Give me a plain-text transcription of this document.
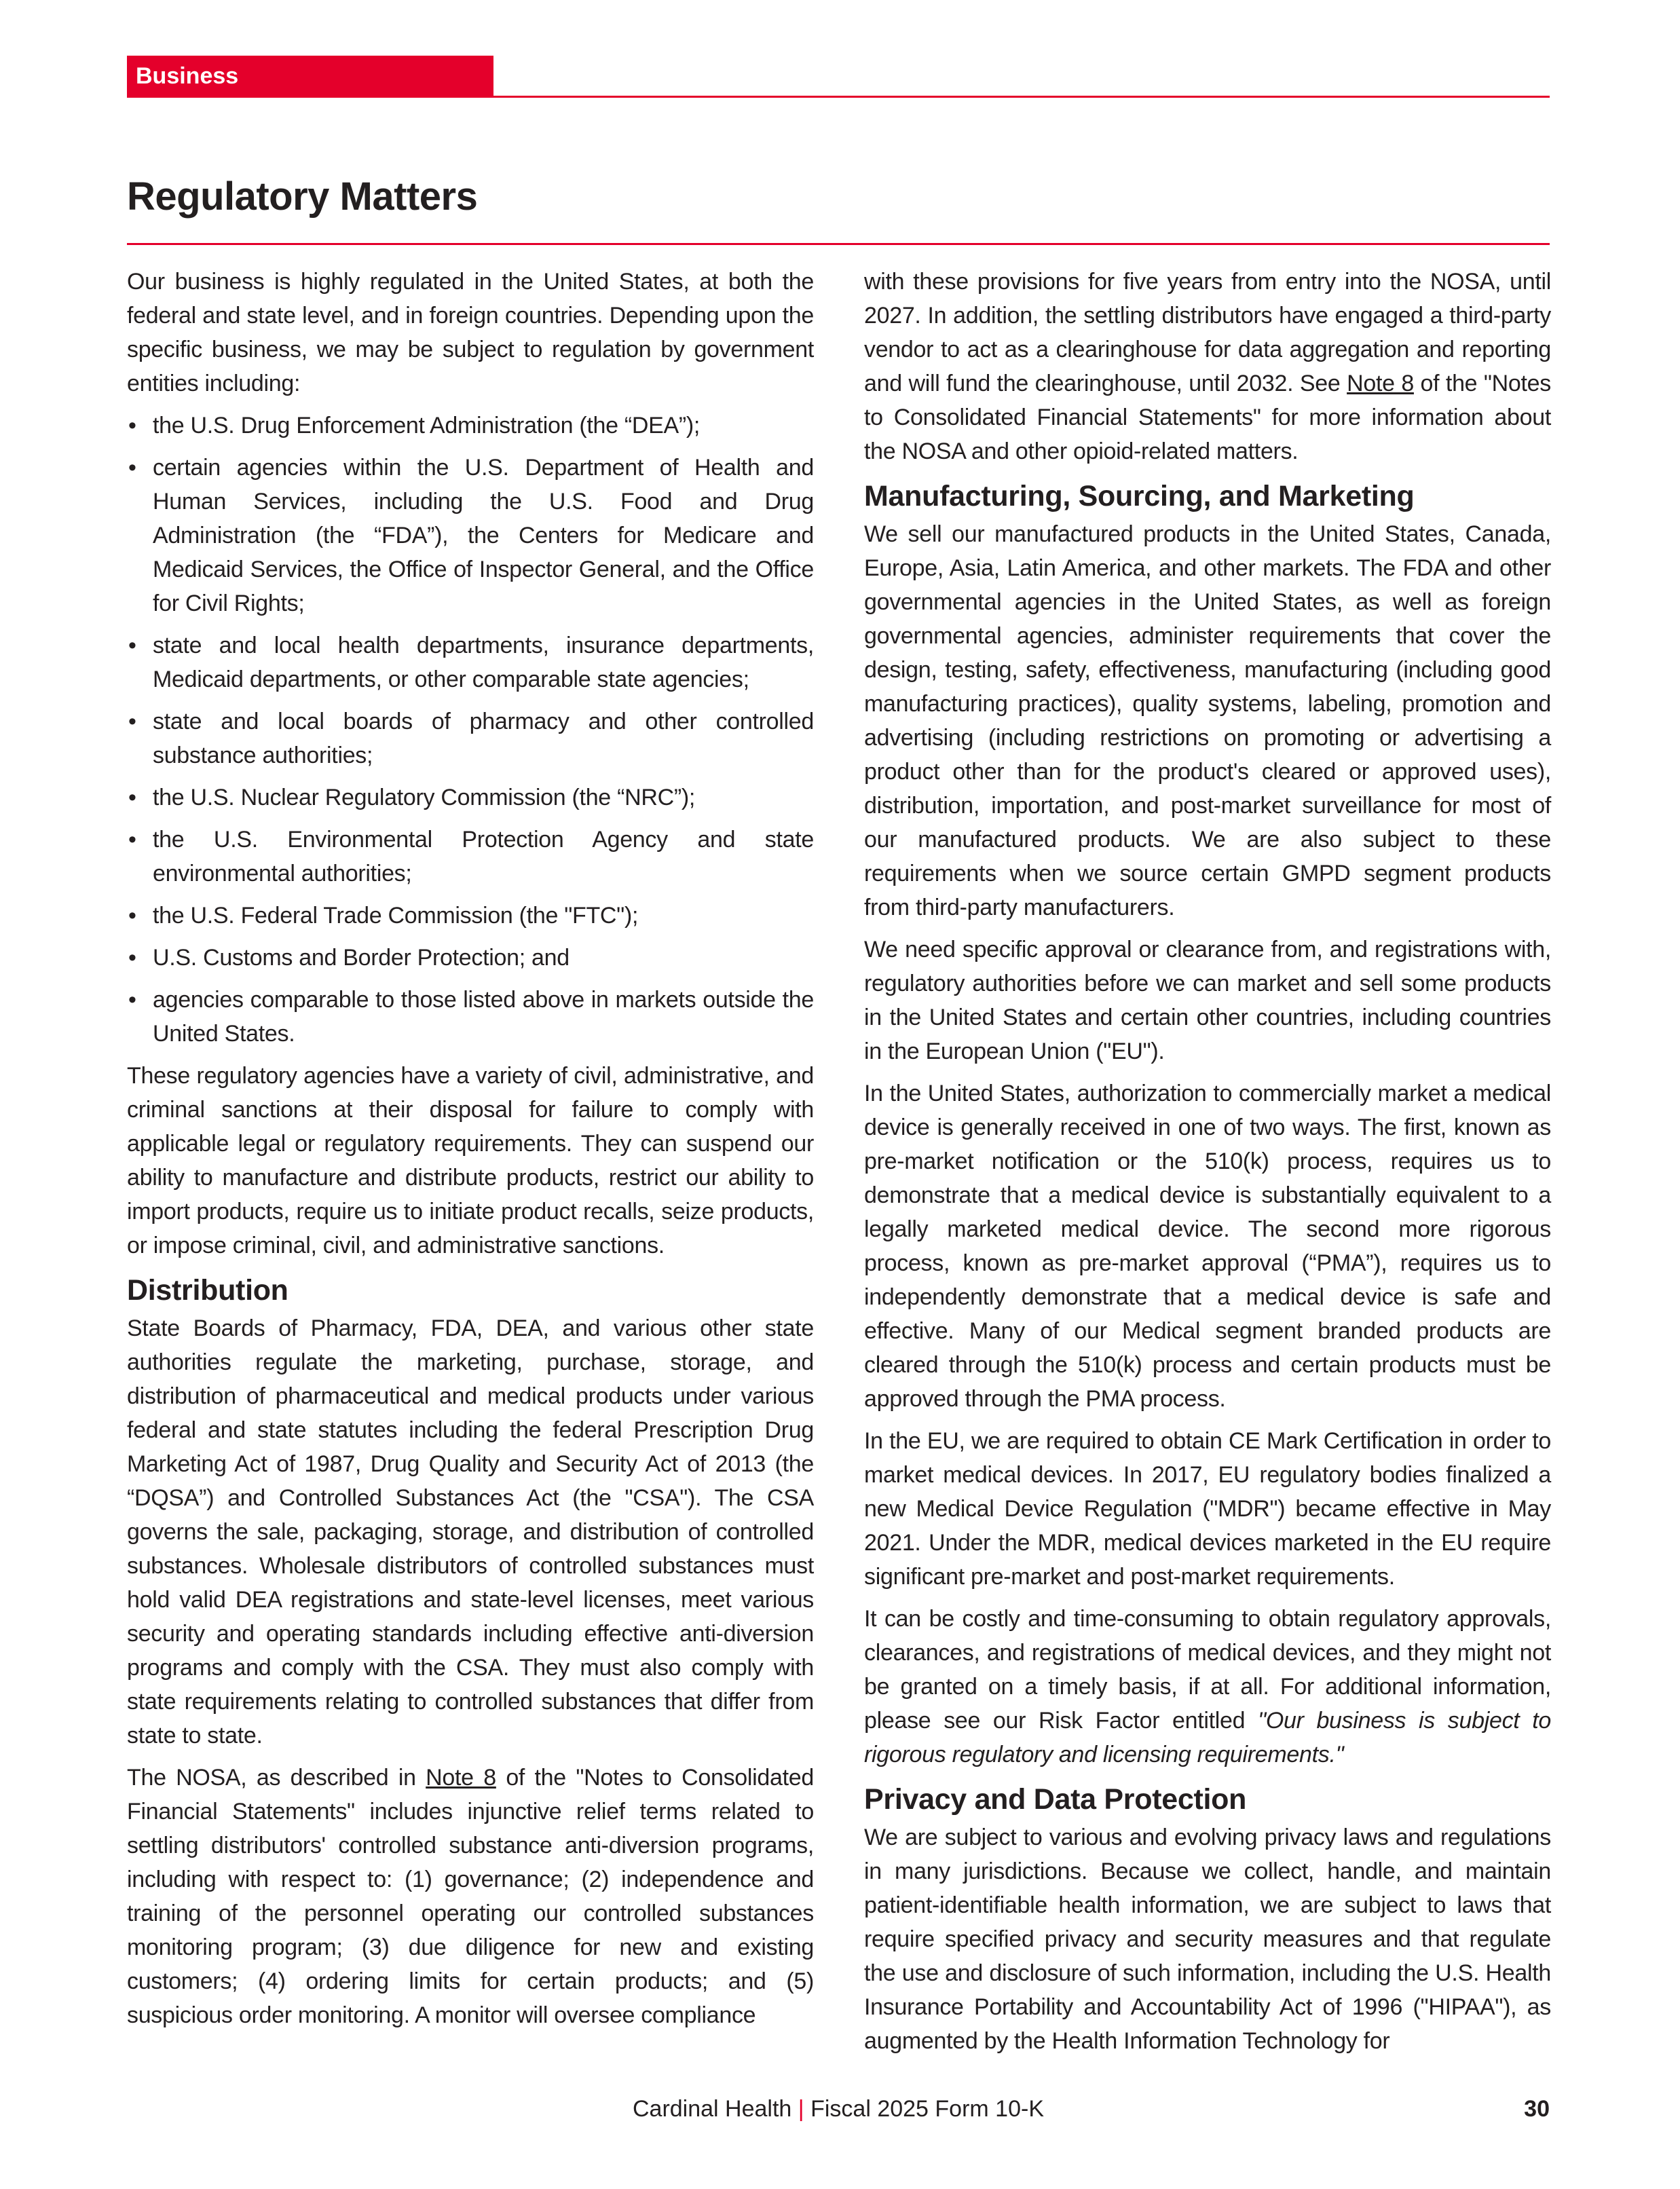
Business
Regulatory Matters

Our business is highly regulated in the United States, at both the federal and state level, and in foreign countries. Depending upon the specific business, we may be subject to regulation by government entities including:

• the U.S. Drug Enforcement Administration (the “DEA”);
• certain agencies within the U.S. Department of Health and Human Services, including the U.S. Food and Drug Administration (the “FDA”), the Centers for Medicare and Medicaid Services, the Office of Inspector General, and the Office for Civil Rights;
• state and local health departments, insurance departments, Medicaid departments, or other comparable state agencies;
• state and local boards of pharmacy and other controlled substance authorities;
• the U.S. Nuclear Regulatory Commission (the “NRC”);
• the U.S. Environmental Protection Agency and state environmental authorities;
• the U.S. Federal Trade Commission (the "FTC");
• U.S. Customs and Border Protection; and
• agencies comparable to those listed above in markets outside the United States.

These regulatory agencies have a variety of civil, administrative, and criminal sanctions at their disposal for failure to comply with applicable legal or regulatory requirements. They can suspend our ability to manufacture and distribute products, restrict our ability to import products, require us to initiate product recalls, seize products, or impose criminal, civil, and administrative sanctions.

Distribution

State Boards of Pharmacy, FDA, DEA, and various other state authorities regulate the marketing, purchase, storage, and distribution of pharmaceutical and medical products under various federal and state statutes including the federal Prescription Drug Marketing Act of 1987, Drug Quality and Security Act of 2013 (the “DQSA”) and Controlled Substances Act (the "CSA"). The CSA governs the sale, packaging, storage, and distribution of controlled substances. Wholesale distributors of controlled substances must hold valid DEA registrations and state-level licenses, meet various security and operating standards including effective anti-diversion programs and comply with the CSA. They must also comply with state requirements relating to controlled substances that differ from state to state.

The NOSA, as described in Note 8 of the "Notes to Consolidated Financial Statements" includes injunctive relief terms related to settling distributors' controlled substance anti-diversion programs, including with respect to: (1) governance; (2) independence and training of the personnel operating our controlled substances monitoring program; (3) due diligence for new and existing customers; (4) ordering limits for certain products; and (5) suspicious order monitoring. A monitor will oversee compliance

with these provisions for five years from entry into the NOSA, until 2027. In addition, the settling distributors have engaged a third-party vendor to act as a clearinghouse for data aggregation and reporting and will fund the clearinghouse, until 2032. See Note 8 of the "Notes to Consolidated Financial Statements" for more information about the NOSA and other opioid-related matters.

Manufacturing, Sourcing, and Marketing

We sell our manufactured products in the United States, Canada, Europe, Asia, Latin America, and other markets. The FDA and other governmental agencies in the United States, as well as foreign governmental agencies, administer requirements that cover the design, testing, safety, effectiveness, manufacturing (including good manufacturing practices), quality systems, labeling, promotion and advertising (including restrictions on promoting or advertising a product other than for the product's cleared or approved uses), distribution, importation, and post-market surveillance for most of our manufactured products. We are also subject to these requirements when we source certain GMPD segment products from third-party manufacturers.

We need specific approval or clearance from, and registrations with, regulatory authorities before we can market and sell some products in the United States and certain other countries, including countries in the European Union ("EU").

In the United States, authorization to commercially market a medical device is generally received in one of two ways. The first, known as pre-market notification or the 510(k) process, requires us to demonstrate that a medical device is substantially equivalent to a legally marketed medical device. The second more rigorous process, known as pre-market approval (“PMA”), requires us to independently demonstrate that a medical device is safe and effective. Many of our Medical segment branded products are cleared through the 510(k) process and certain products must be approved through the PMA process.

In the EU, we are required to obtain CE Mark Certification in order to market medical devices. In 2017, EU regulatory bodies finalized a new Medical Device Regulation ("MDR") became effective in May 2021. Under the MDR, medical devices marketed in the EU require significant pre-market and post-market requirements.

It can be costly and time-consuming to obtain regulatory approvals, clearances, and registrations of medical devices, and they might not be granted on a timely basis, if at all. For additional information, please see our Risk Factor entitled "Our business is subject to rigorous regulatory and licensing requirements."

Privacy and Data Protection

We are subject to various and evolving privacy laws and regulations in many jurisdictions. Because we collect, handle, and maintain patient-identifiable health information, we are subject to laws that require specified privacy and security measures and that regulate the use and disclosure of such information, including the U.S. Health Insurance Portability and Accountability Act of 1996 ("HIPAA"), as augmented by the Health Information Technology for

Cardinal Health | Fiscal 2025 Form 10-K	30
